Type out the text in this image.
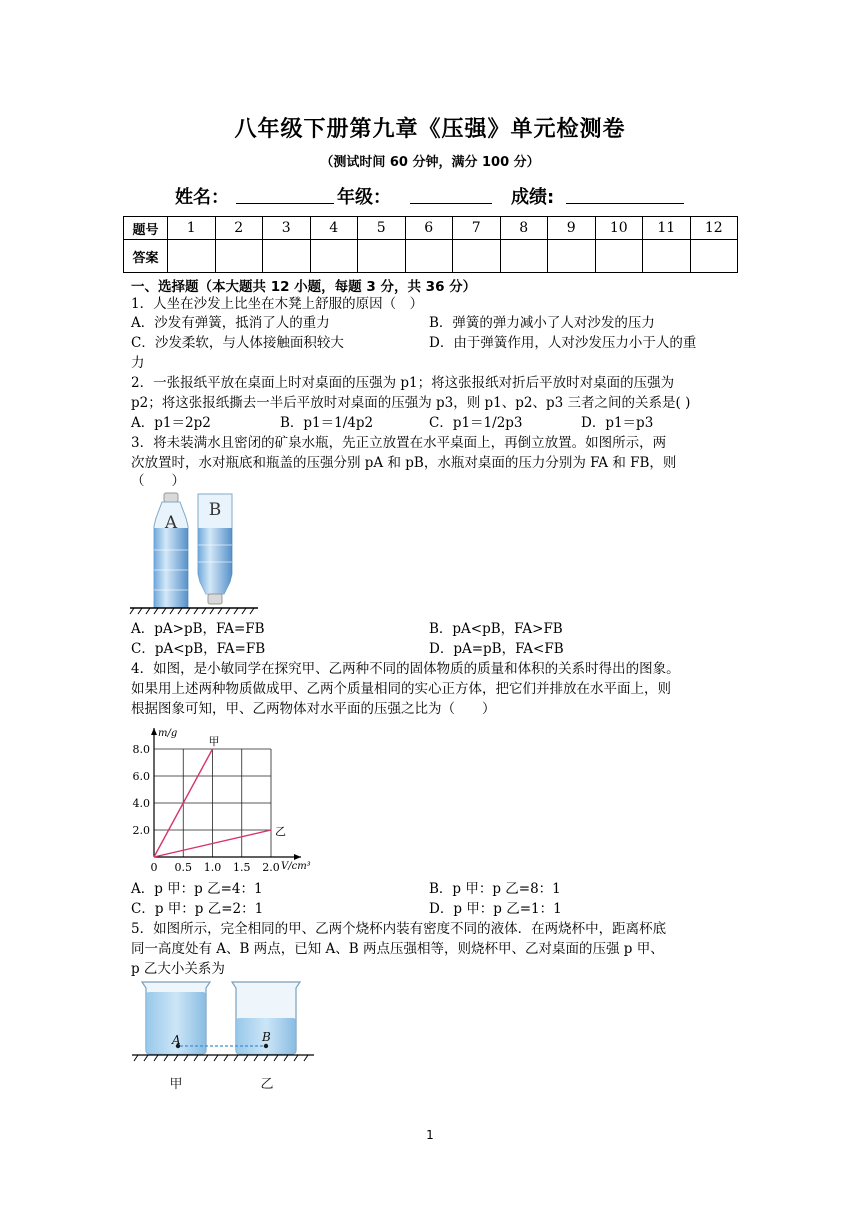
八年级下册第九章《压强》单元检测卷
（测试时间 60 分钟，满分 100 分）
姓名：	年级：	成绩:
题号	1	2	3	4	5	6	7	8	9	10	11	12
答案												
一、选择题（本大题共 12 小题，每题 3 分，共 36 分）
1．人坐在沙发上比坐在木凳上舒服的原因（　）
A．沙发有弹簧，抵消了人的重力	B．弹簧的弹力减小了人对沙发的压力
C．沙发柔软，与人体接触面积较大	D．由于弹簧作用，人对沙发压力小于人的重
力
2．一张报纸平放在桌面上时对桌面的压强为 p1；将这张报纸对折后平放时对桌面的压强为
p2；将这张报纸撕去一半后平放时对桌面的压强为 p3，则 p1、p2、p3 三者之间的关系是( )
A．p1＝2p2	B．p1＝1/4p2	C．p1＝1/2p3	D．p1＝p3
3．将未装满水且密闭的矿泉水瓶，先正立放置在水平桌面上，再倒立放置。如图所示，两
次放置时，水对瓶底和瓶盖的压强分别 pA 和 pB，水瓶对桌面的压力分别为 FA 和 FB，则
（　　）
A
B
A．pA>pB，FA=FB	B．pA<pB，FA>FB
C．pA<pB，FA=FB	D．pA=pB，FA<FB
4．如图，是小敏同学在探究甲、乙两种不同的固体物质的质量和体积的关系时得出的图象。
如果用上述两种物质做成甲、乙两个质量相同的实心正方体，把它们并排放在水平面上，则
根据图象可知，甲、乙两物体对水平面的压强之比为（　　）
0 0.5 1.0 1.5 2.0
2.0
4.0
6.0
8.0
m/g
V/cm³
甲
乙
A．p 甲：p 乙=4：1	B．p 甲：p 乙=8：1
C．p 甲：p 乙=2：1	D．p 甲：p 乙=1：1
5．如图所示，完全相同的甲、乙两个烧杯内装有密度不同的液体．在两烧杯中，距离杯底
同一高度处有 A、B 两点，已知 A、B 两点压强相等，则烧杯甲、乙对桌面的压强 p 甲、
p 乙大小关系为
A	B
甲	乙
1
